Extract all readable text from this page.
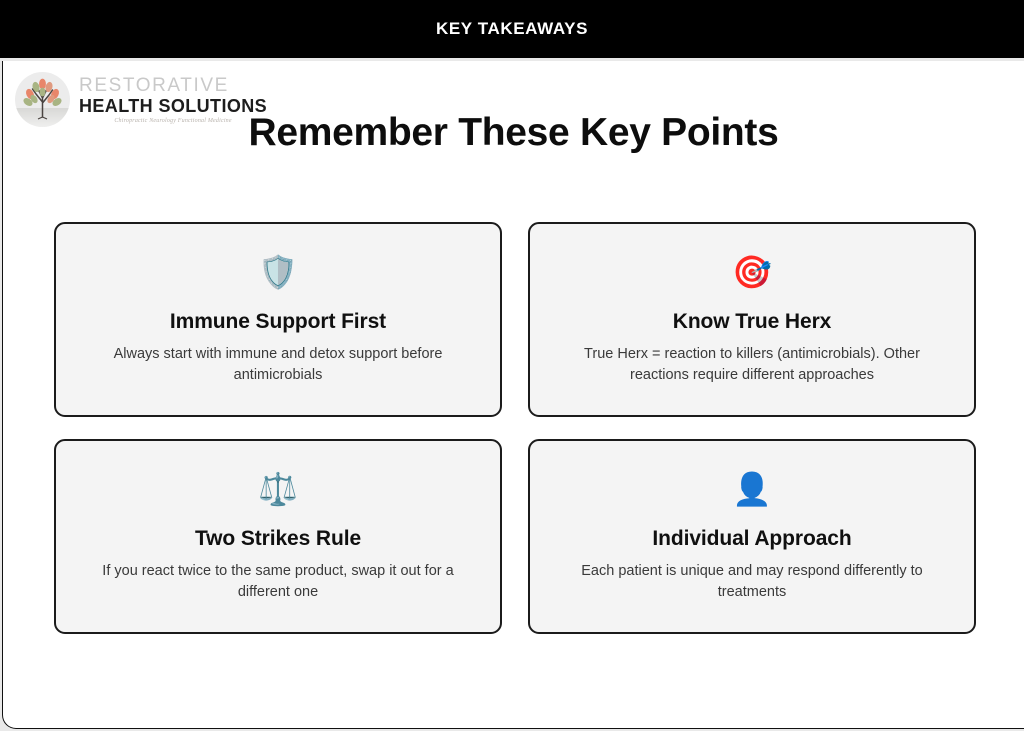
KEY TAKEAWAYS
RESTORATIVE
HEALTH SOLUTIONS
Chiropractic Neurology Functional Medicine Remember These Key Points
🛡️
Immune Support First
Always start with immune and detox support before antimicrobials
🎯
Know True Herx
True Herx = reaction to killers (antimicrobials). Other reactions require different approaches
⚖️
Two Strikes Rule
If you react twice to the same product, swap it out for a different one
👤
Individual Approach
Each patient is unique and may respond differently to treatments
